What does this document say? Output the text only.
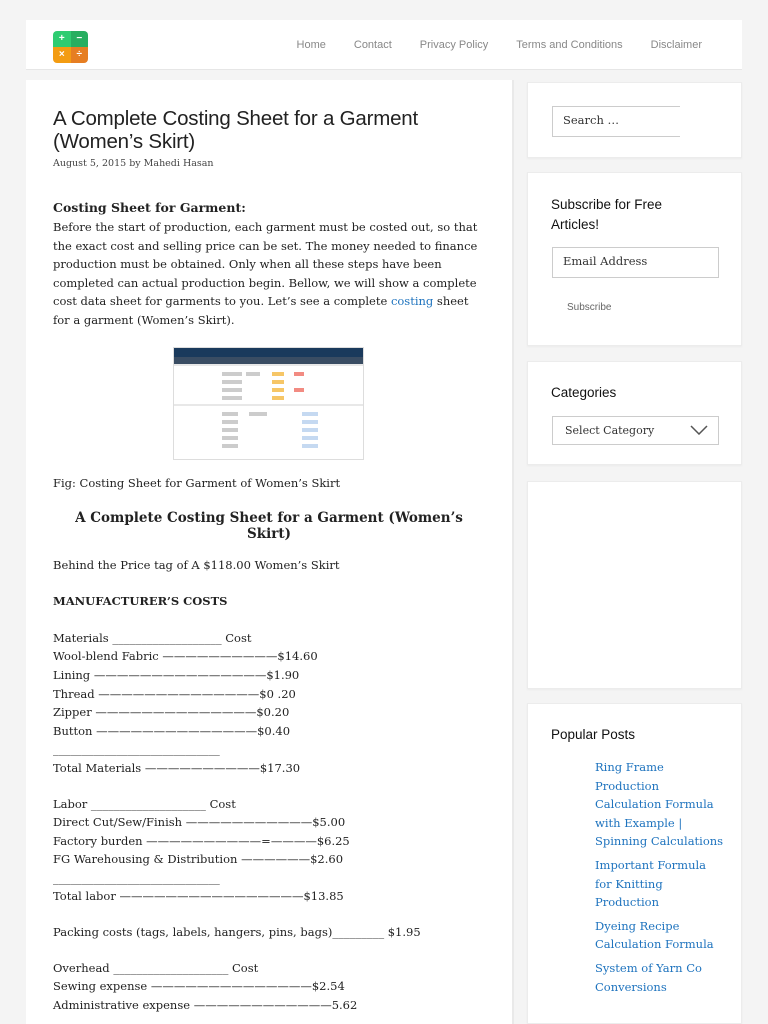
+	−
×	÷
Home	Contact	Privacy Policy	Terms and Conditions	Disclaimer
A Complete Costing Sheet for a Garment (Women’s Skirt)
August 5, 2015 by Mahedi Hasan
Costing Sheet for Garment:

Before the start of production, each garment must be costed out, so that the exact cost and selling price can be set. The money needed to finance production must be obtained. Only when all these steps have been completed can actual production begin. Bellow, we will show a complete cost data sheet for garments to you. Let’s see a complete costing sheet for a garment (Women’s Skirt).

Fig: Costing Sheet for Garment of Women’s Skirt

A Complete Costing Sheet for a Garment (Women’s Skirt)

Behind the Price tag of A $118.00 Women’s Skirt

MANUFACTURER’S COSTS

Materials ___________________ Cost

Wool-blend Fabric ——————————$14.60

Lining ———————————————$1.90

Thread ——————————————$0 .20

Zipper ——————————————$0.20

Button ——————————————$0.40

_____________________________

Total Materials ——————————$17.30

Labor ____________________ Cost

Direct Cut/Sew/Finish ———————————$5.00

Factory burden ——————————=————$6.25

FG Warehousing & Distribution ——————$2.60

_____________________________

Total labor ————————————————$13.85

Packing costs (tags, labels, hangers, pins, bags)_________ $1.95

Overhead ____________________ Cost

Sewing expense ——————————————$2.54

Administrative expense ————————————5.62

Search …
Subscribe for Free Articles!
Email Address
Subscribe
Categories
Select Category
Popular Posts
Ring Frame Production Calculation Formula with Example | Spinning Calculations
Important Formula for Knitting Production
Dyeing Recipe Calculation Formula
System of Yarn Co Conversions
